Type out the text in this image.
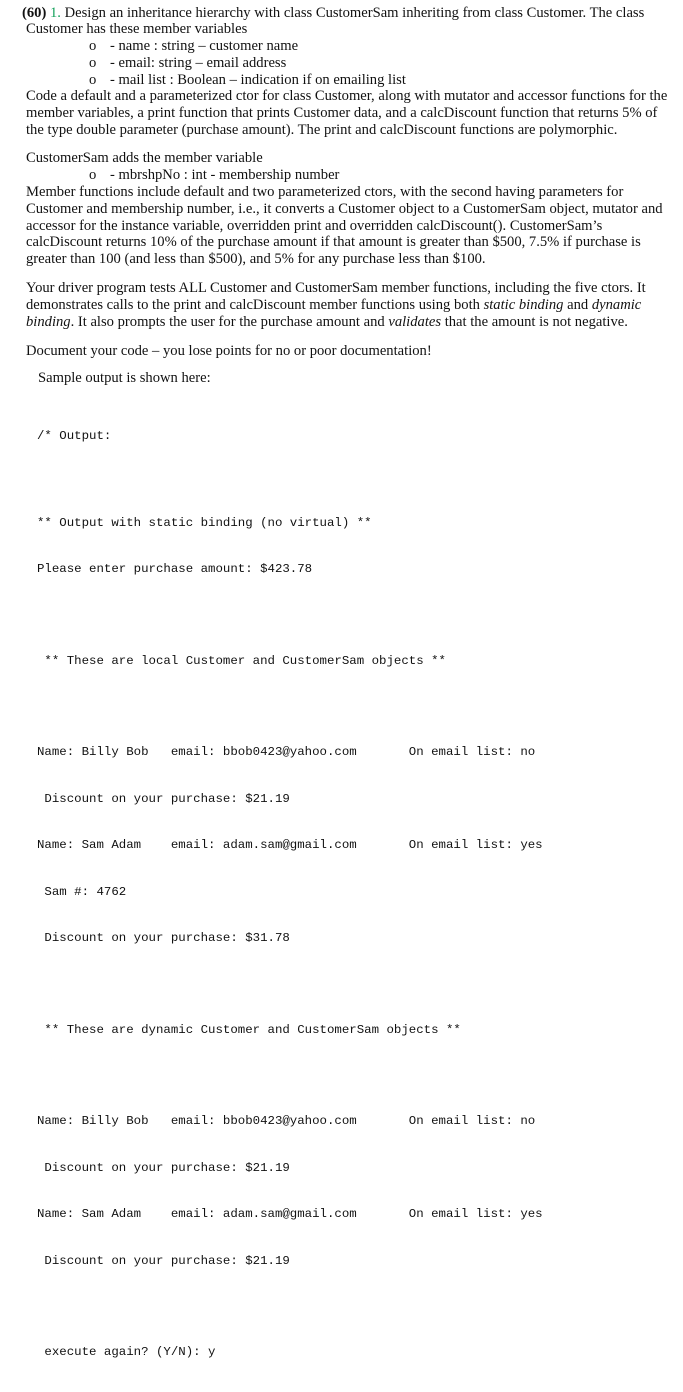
(60) 1. Design an inheritance hierarchy with class CustomerSam inheriting from class Customer. The class
Customer has these member variables
o - name : string – customer name
o - email: string – email address
o - mail list : Boolean – indication if on emailing list
Code a default and a parameterized ctor for class Customer, along with mutator and accessor functions for the
member variables, a print function that prints Customer data, and a calcDiscount function that returns 5% of
the type double parameter (purchase amount). The print and calcDiscount functions are polymorphic.
CustomerSam adds the member variable
o - mbrshpNo : int - membership number
Member functions include default and two parameterized ctors, with the second having parameters for
Customer and membership number, i.e., it converts a Customer object to a CustomerSam object, mutator and
accessor for the instance variable, overridden print and overridden calcDiscount(). CustomerSam’s
calcDiscount returns 10% of the purchase amount if that amount is greater than $500, 7.5% if purchase is
greater than 100 (and less than $500), and 5% for any purchase less than $100.
Your driver program tests ALL Customer and CustomerSam member functions, including the five ctors. It
demonstrates calls to the print and calcDiscount member functions using both static binding and dynamic
binding. It also prompts the user for the purchase amount and validates that the amount is not negative.
Document your code – you lose points for no or poor documentation!
Sample output is shown here:

/* Output:

** Output with static binding (no virtual) **

Please enter purchase amount: $423.78

** These are local Customer and CustomerSam objects **

Name: Billy Bob   email: bbob0423@yahoo.com       On email list: no

Discount on your purchase: $21.19

Name: Sam Adam    email: adam.sam@gmail.com       On email list: yes

Sam #: 4762

Discount on your purchase: $31.78

** These are dynamic Customer and CustomerSam objects **

Name: Billy Bob   email: bbob0423@yahoo.com       On email list: no

Discount on your purchase: $21.19

Name: Sam Adam    email: adam.sam@gmail.com       On email list: yes

Discount on your purchase: $21.19

execute again? (Y/N): y
